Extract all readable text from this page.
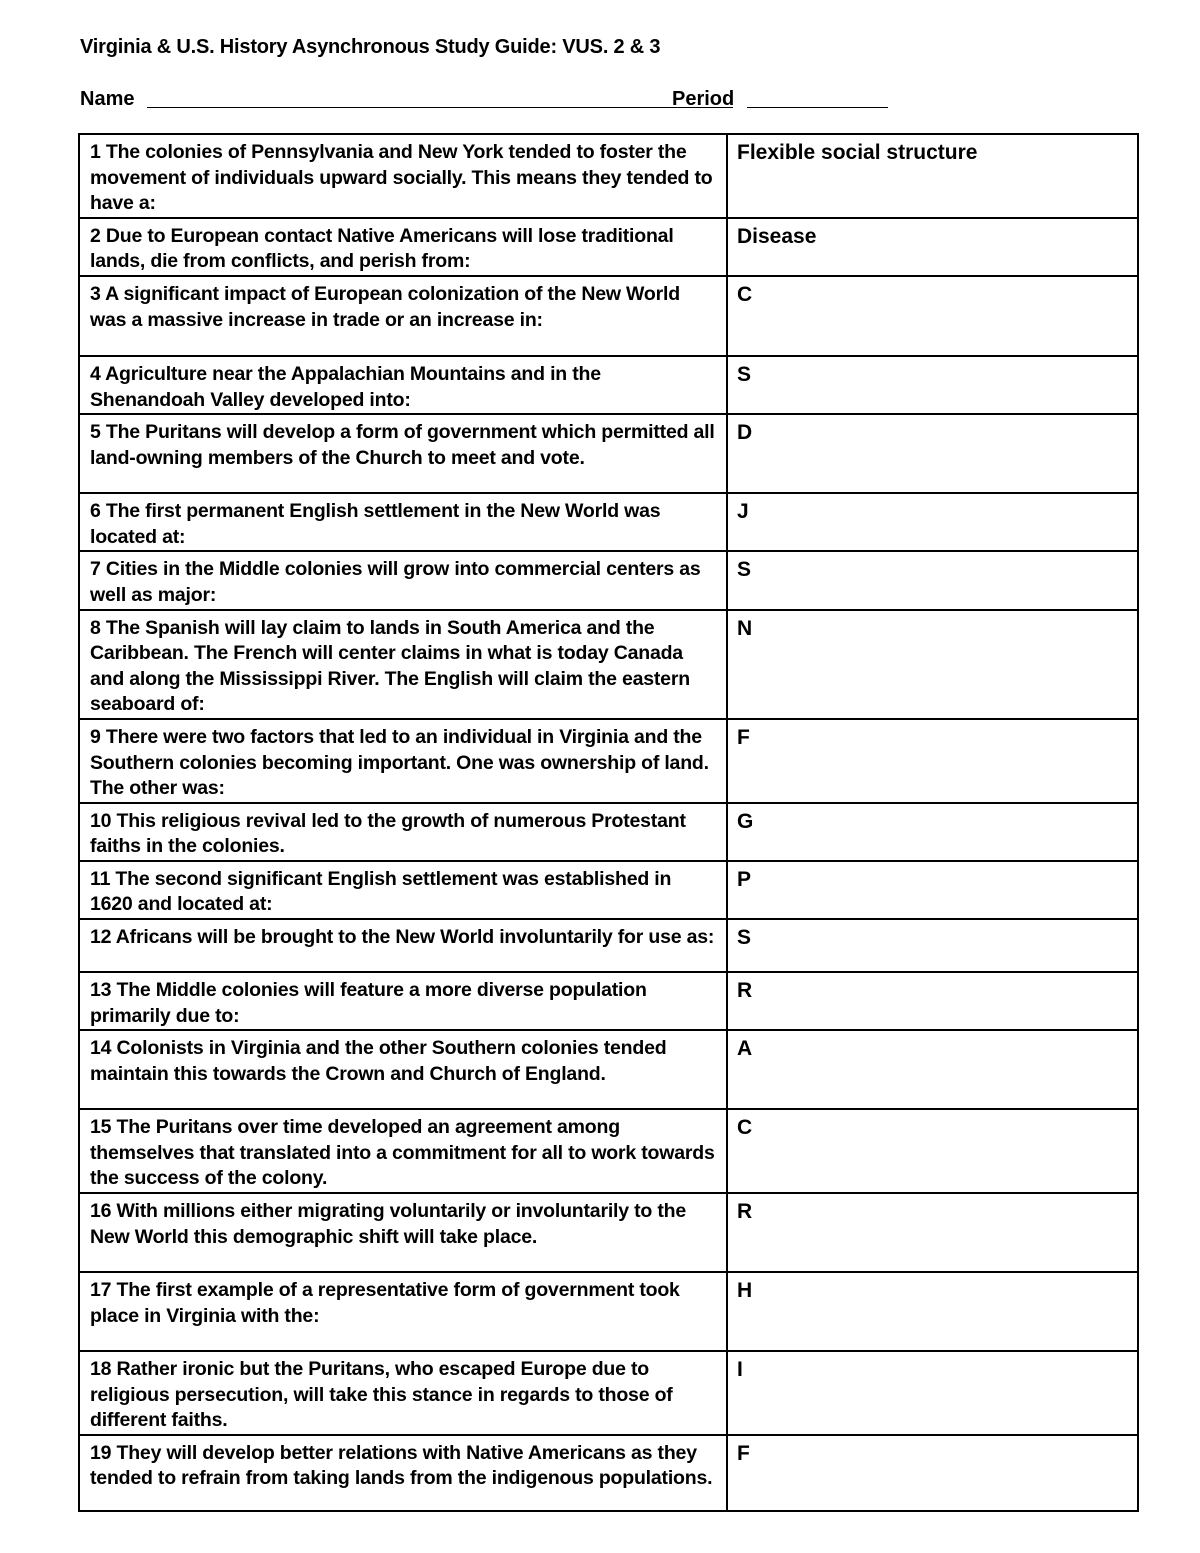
Virginia & U.S. History Asynchronous Study Guide: VUS. 2 & 3
Name	Period
1 The colonies of Pennsylvania and New York tended to foster the movement of individuals upward socially. This means they tended to have a:	Flexible social structure
2 Due to European contact Native Americans will lose traditional lands, die from conflicts, and perish from:	Disease
3 A significant impact of European colonization of the New World was a massive increase in trade or an increase in:	C
4 Agriculture near the Appalachian Mountains and in the Shenandoah Valley developed into:	S
5 The Puritans will develop a form of government which permitted all land-owning members of the Church to meet and vote.	D
6 The first permanent English settlement in the New World was located at:	J
7 Cities in the Middle colonies will grow into commercial centers as well as major:	S
8 The Spanish will lay claim to lands in South America and the Caribbean. The French will center claims in what is today Canada and along the Mississippi River. The English will claim the eastern seaboard of:	N
9 There were two factors that led to an individual in Virginia and the Southern colonies becoming important. One was ownership of land. The other was:	F
10 This religious revival led to the growth of numerous Protestant faiths in the colonies.	G
11 The second significant English settlement was established in 1620 and located at:	P
12 Africans will be brought to the New World involuntarily for use as:	S
13 The Middle colonies will feature a more diverse population primarily due to:	R
14 Colonists in Virginia and the other Southern colonies tended maintain this towards the Crown and Church of England.	A
15 The Puritans over time developed an agreement among themselves that translated into a commitment for all to work towards the success of the colony.	C
16 With millions either migrating voluntarily or involuntarily to the New World this demographic shift will take place.	R
17 The first example of a representative form of government took place in Virginia with the:	H
18 Rather ironic but the Puritans, who escaped Europe due to religious persecution, will take this stance in regards to those of different faiths.	I
19 They will develop better relations with Native Americans as they tended to refrain from taking lands from the indigenous populations.	F
